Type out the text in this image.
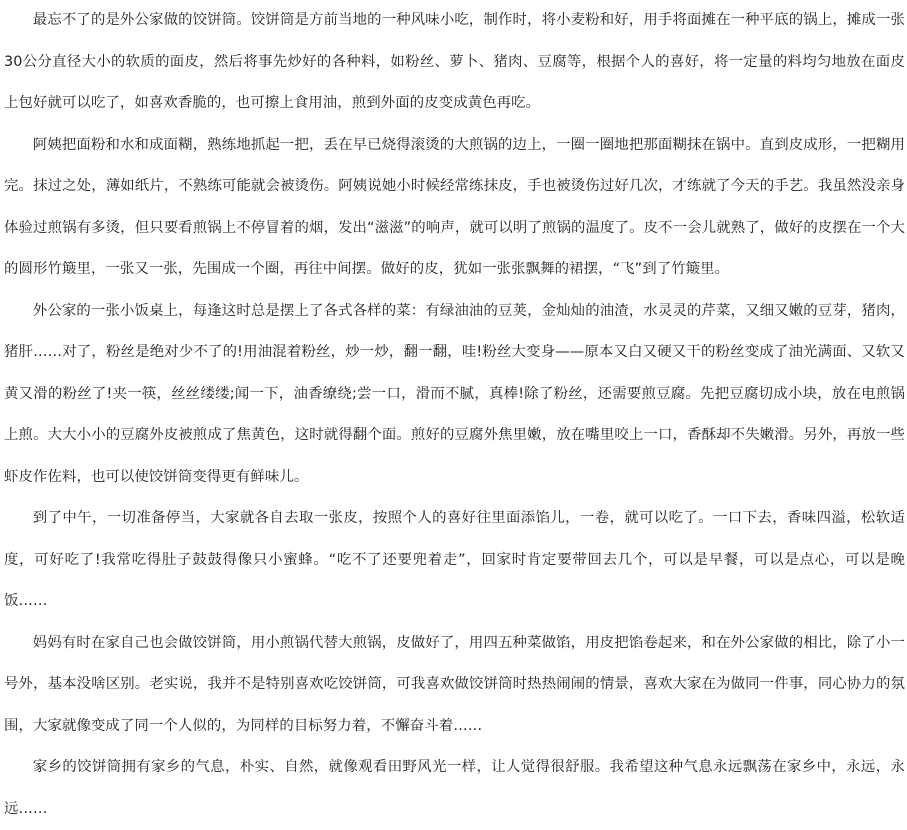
最忘不了的是外公家做的饺饼筒。饺饼筒是方前当地的一种风味小吃，制作时，将小麦粉和好，用手将面摊在一种平底的锅上，摊成一张30公分直径大小的软质的面皮，然后将事先炒好的各种料，如粉丝、萝卜、猪肉、豆腐等，根据个人的喜好，将一定量的料均匀地放在面皮上包好就可以吃了，如喜欢香脆的，也可擦上食用油，煎到外面的皮变成黄色再吃。

阿姨把面粉和水和成面糊，熟练地抓起一把，丢在早已烧得滚烫的大煎锅的边上，一圈一圈地把那面糊抹在锅中。直到皮成形，一把糊用完。抹过之处，薄如纸片，不熟练可能就会被烫伤。阿姨说她小时候经常练抹皮，手也被烫伤过好几次，才练就了今天的手艺。我虽然没亲身体验过煎锅有多烫，但只要看煎锅上不停冒着的烟，发出“滋滋”的响声，就可以明了煎锅的温度了。皮不一会儿就熟了，做好的皮摆在一个大的圆形竹簸里，一张又一张，先围成一个圈，再往中间摆。做好的皮，犹如一张张飘舞的裙摆，“飞”到了竹簸里。

外公家的一张小饭桌上，每逢这时总是摆上了各式各样的菜：有绿油油的豆荚，金灿灿的油渣，水灵灵的芹菜，又细又嫩的豆芽，猪肉，猪肝……对了，粉丝是绝对少不了的!用油混着粉丝，炒一炒，翻一翻，哇!粉丝大变身——原本又白又硬又干的粉丝变成了油光满面、又软又黄又滑的粉丝了!夹一筷，丝丝缕缕;闻一下，油香缭绕;尝一口，滑而不腻，真棒!除了粉丝，还需要煎豆腐。先把豆腐切成小块，放在电煎锅上煎。大大小小的豆腐外皮被煎成了焦黄色，这时就得翻个面。煎好的豆腐外焦里嫩，放在嘴里咬上一口，香酥却不失嫩滑。另外，再放一些虾皮作佐料，也可以使饺饼筒变得更有鲜味儿。

到了中午，一切准备停当，大家就各自去取一张皮，按照个人的喜好往里面添馅儿，一卷，就可以吃了。一口下去，香味四溢，松软适度，可好吃了!我常吃得肚子鼓鼓得像只小蜜蜂。“吃不了还要兜着走”，回家时肯定要带回去几个，可以是早餐，可以是点心，可以是晚饭……

妈妈有时在家自己也会做饺饼筒，用小煎锅代替大煎锅，皮做好了，用四五种菜做馅，用皮把馅卷起来，和在外公家做的相比，除了小一号外，基本没啥区别。老实说，我并不是特别喜欢吃饺饼筒，可我喜欢做饺饼筒时热热闹闹的情景，喜欢大家在为做同一件事，同心协力的氛围，大家就像变成了同一个人似的，为同样的目标努力着，不懈奋斗着……

家乡的饺饼筒拥有家乡的气息，朴实、自然，就像观看田野风光一样，让人觉得很舒服。我希望这种气息永远飘荡在家乡中，永远，永远……
